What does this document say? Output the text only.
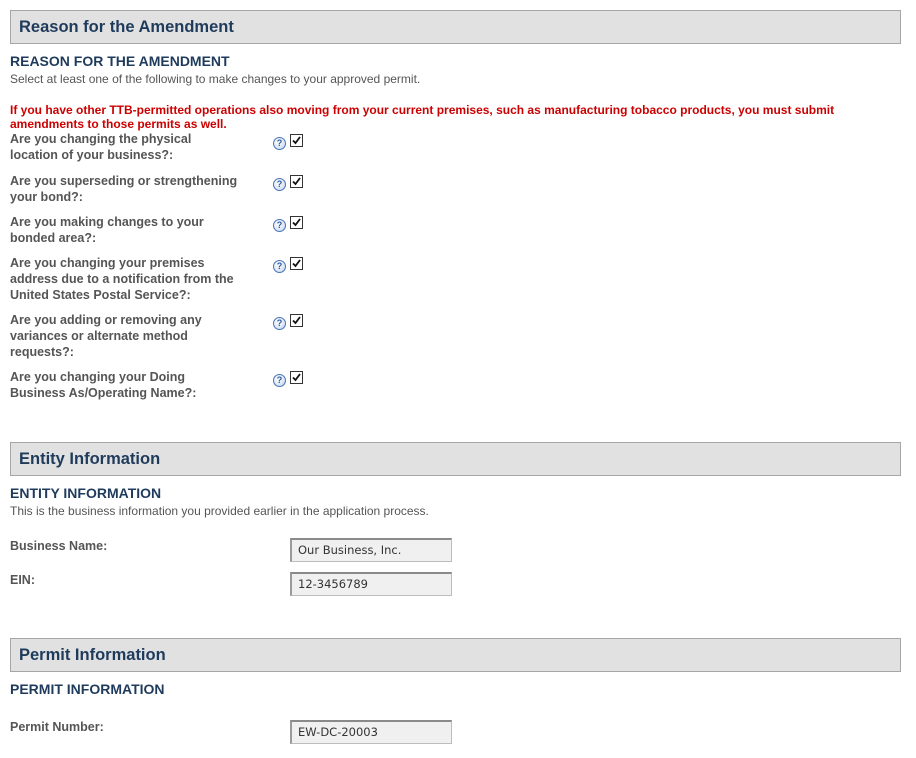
Reason for the Amendment
REASON FOR THE AMENDMENT
Select at least one of the following to make changes to your approved permit.
If you have other TTB-permitted operations also moving from your current premises, such as manufacturing tobacco products, you must submit amendments to those permits as well.
Are you changing the physical
location of your business?:
?
Are you superseding or strengthening
your bond?:
?
Are you making changes to your
bonded area?:
?
Are you changing your premises
address due to a notification from the
United States Postal Service?:
?
Are you adding or removing any
variances or alternate method
requests?:
?
Are you changing your Doing
Business As/Operating Name?:
?
Entity Information
ENTITY INFORMATION
This is the business information you provided earlier in the application process.
Business Name:	Our Business, Inc.
EIN:	12-3456789
Permit Information
PERMIT INFORMATION
Permit Number:	EW-DC-20003
